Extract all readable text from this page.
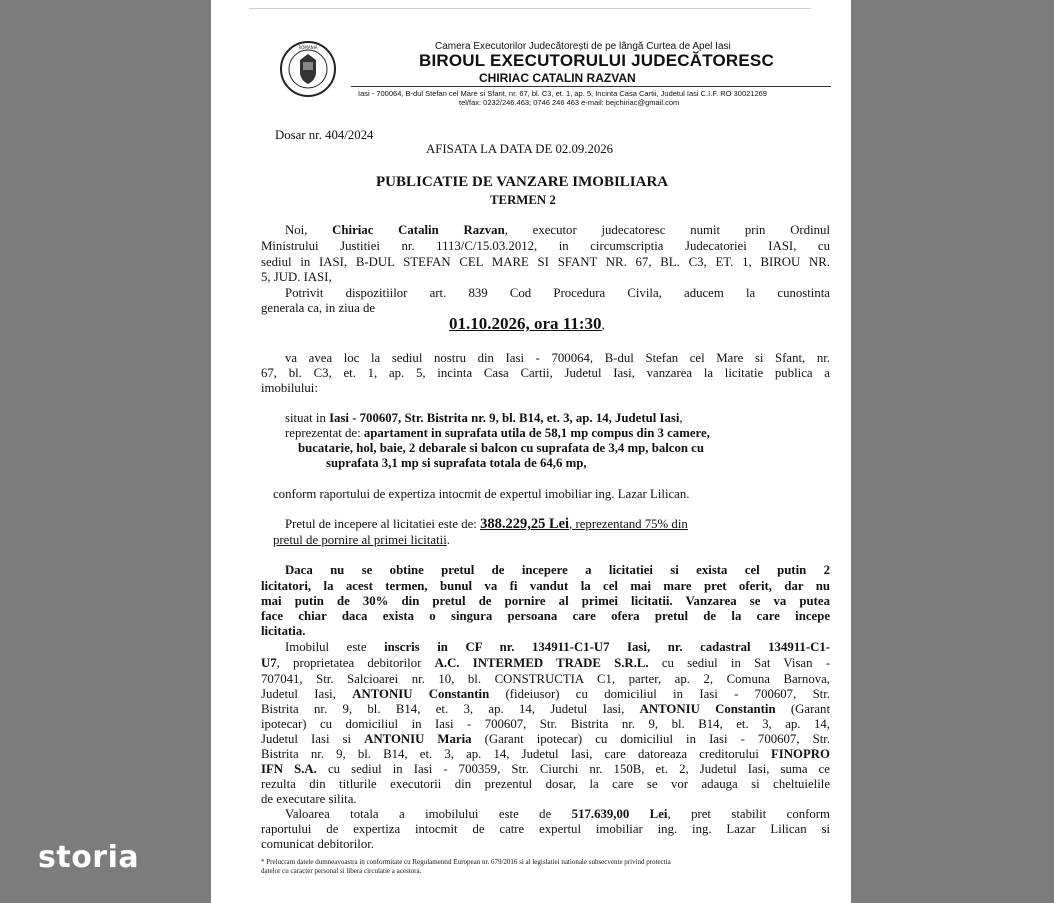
ROMANIA	Camera Executorilor Judecătorești de pe lângă Curtea de Apel Iasi
BIROUL EXECUTORULUI JUDECĂTORESC
CHIRIAC CATALIN RAZVAN
Iasi - 700064, B-dul Stefan cel Mare si Sfant, nr. 67, bl. C3, et. 1, ap. 5, Incinta Casa Cartii, Judetul Iasi C.I.F. RO 30021269
tel/fax: 0232/246.463; 0746 246 463 e-mail: bejchiriac@gmail.com
Dosar nr. 404/2024
AFISATA LA DATA DE 02.09.2026
PUBLICATIE DE VANZARE IMOBILIARA
TERMEN 2
Noi, Chiriac Catalin Razvan, executor judecatoresc numit prin Ordinul
Ministrului Justitiei nr. 1113/C/15.03.2012, in circumscriptia Judecatoriei IASI, cu
sediul in IASI, B-DUL STEFAN CEL MARE SI SFANT NR. 67, BL. C3, ET. 1, BIROU NR.
5, JUD. IASI,
Potrivit dispozitiilor art. 839 Cod Procedura Civila, aducem la cunostinta
generala ca, in ziua de
01.10.2026, ora 11:30,
va avea loc la sediul nostru din Iasi - 700064, B-dul Stefan cel Mare si Sfant, nr.
67, bl. C3, et. 1, ap. 5, incinta Casa Cartii, Judetul Iasi, vanzarea la licitatie publica a
imobilului:
situat in Iasi - 700607, Str. Bistrita nr. 9, bl. B14, et. 3, ap. 14, Judetul Iasi,
reprezentat de: apartament in suprafata utila de 58,1 mp compus din 3 camere,
bucatarie, hol, baie, 2 debarale si balcon cu suprafata de 3,4 mp, balcon cu
suprafata 3,1 mp si suprafata totala de 64,6 mp,
conform raportului de expertiza intocmit de expertul imobiliar ing. Lazar Lilican.
Pretul de incepere al licitatiei este de: 388.229,25 Lei, reprezentand 75% din
pretul de pornire al primei licitatii.
Daca nu se obtine pretul de incepere a licitatiei si exista cel putin 2
licitatori, la acest termen, bunul va fi vandut la cel mai mare pret oferit, dar nu
mai putin de 30% din pretul de pornire al primei licitatii. Vanzarea se va putea
face chiar daca exista o singura persoana care ofera pretul de la care incepe
licitatia.
Imobilul este inscris in CF nr. 134911-C1-U7 Iasi, nr. cadastral 134911-C1-
U7, proprietatea debitorilor A.C. INTERMED TRADE S.R.L. cu sediul in Sat Visan -
707041, Str. Salcioarei nr. 10, bl. CONSTRUCTIA C1, parter, ap. 2, Comuna Barnova,
Judetul Iasi, ANTONIU Constantin (fideiusor) cu domiciliul in Iasi - 700607, Str.
Bistrita nr. 9, bl. B14, et. 3, ap. 14, Judetul Iasi, ANTONIU Constantin (Garant
ipotecar) cu domiciliul in Iasi - 700607, Str. Bistrita nr. 9, bl. B14, et. 3, ap. 14,
Judetul Iasi si ANTONIU Maria (Garant ipotecar) cu domiciliul in Iasi - 700607, Str.
Bistrita nr. 9, bl. B14, et. 3, ap. 14, Judetul Iasi, care datoreaza creditorului FINOPRO
IFN S.A. cu sediul in Iasi - 700359, Str. Ciurchi nr. 150B, et. 2, Judetul Iasi, suma ce
rezulta din titlurile executorii din prezentul dosar, la care se vor adauga si cheltuielile
de executare silita.
Valoarea totala a imobilului este de 517.639,00 Lei, pret stabilit conform
raportului de expertiza intocmit de catre expertul imobiliar ing. ing. Lazar Lilican si
comunicat debitorilor.
* Prelucram datele dumneavoastra in conformitate cu Regulamentul European nr. 679/2016 si al legislatiei nationale subsecvente privind protectia
datelor cu caracter personal si libera circulatie a acestora.
storia
